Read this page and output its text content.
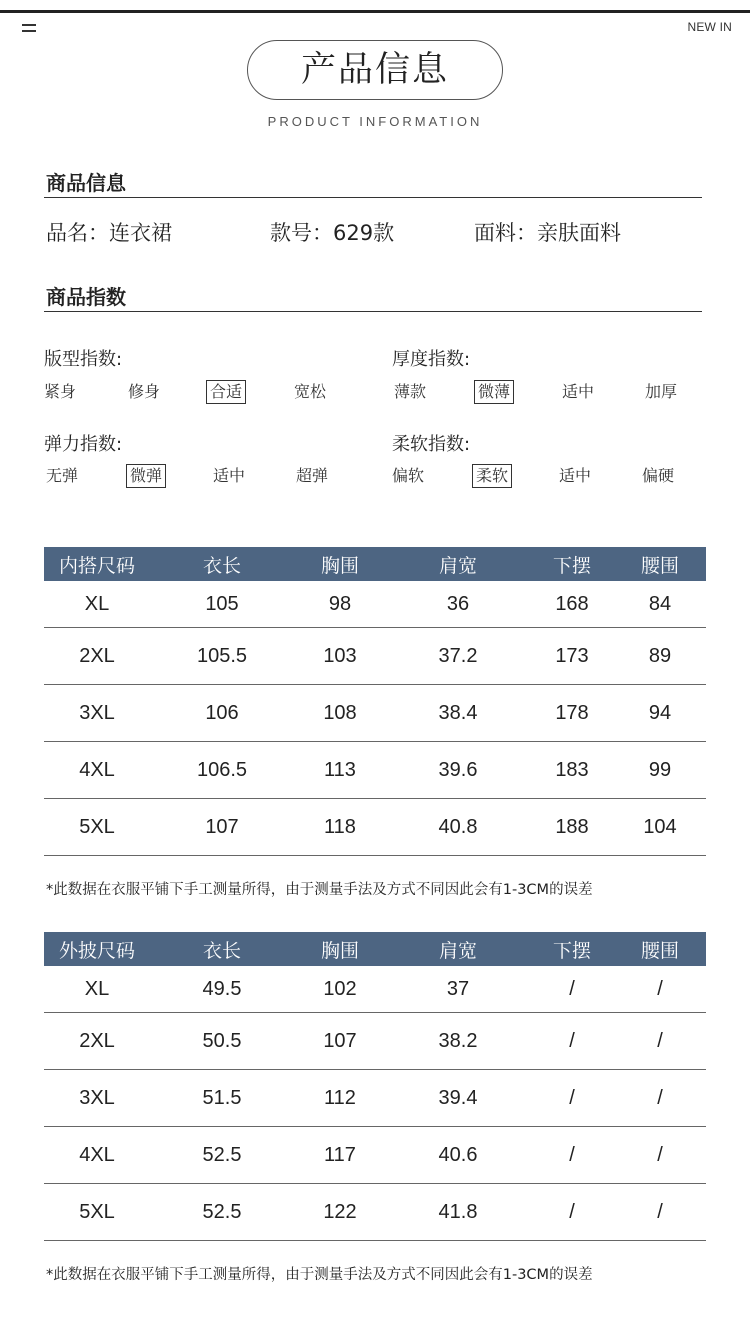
NEW IN
产品信息
PRODUCT INFORMATION
商品信息
品名：连衣裙	款号：629款	面料：亲肤面料
商品指数
版型指数:
紧身	修身	合适	宽松
厚度指数:
薄款	微薄	适中	加厚
弹力指数:
无弹	微弹	适中	超弹
柔软指数:
偏软	柔软	适中	偏硬
内搭尺码	衣长	胸围	肩宽	下摆	腰围
XL	105	98	36	168	84
2XL	105.5	103	37.2	173	89
3XL	106	108	38.4	178	94
4XL	106.5	113	39.6	183	99
5XL	107	118	40.8	188	104
*此数据在衣服平铺下手工测量所得，由于测量手法及方式不同因此会有1-3CM的误差
外披尺码	衣长	胸围	肩宽	下摆	腰围
XL	49.5	102	37	/	/
2XL	50.5	107	38.2	/	/
3XL	51.5	112	39.4	/	/
4XL	52.5	117	40.6	/	/
5XL	52.5	122	41.8	/	/
*此数据在衣服平铺下手工测量所得，由于测量手法及方式不同因此会有1-3CM的误差
